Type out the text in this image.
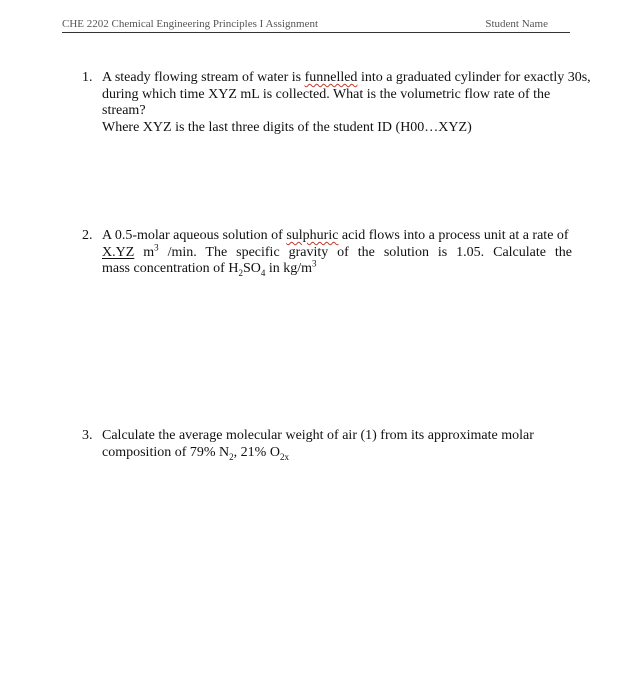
CHE 2202 Chemical Engineering Principles I Assignment	Student Name
1. A steady flowing stream of water is funnelled into a graduated cylinder for exactly 30s,
during which time XYZ mL is collected. What is the volumetric flow rate of the
stream?
Where XYZ is the last three digits of the student ID (H00…XYZ)
2. A 0.5-molar aqueous solution of sulphuric acid flows into a process unit at a rate of
X.YZ $m^3$ /min. The specific gravity of the solution is 1.05. Calculate the
mass concentration of $H_2SO_4$ in $kg/m^3$
3. Calculate the average molecular weight of air (1) from its approximate molar
composition of 79% $N_2$, 21% $O_{2x}$
